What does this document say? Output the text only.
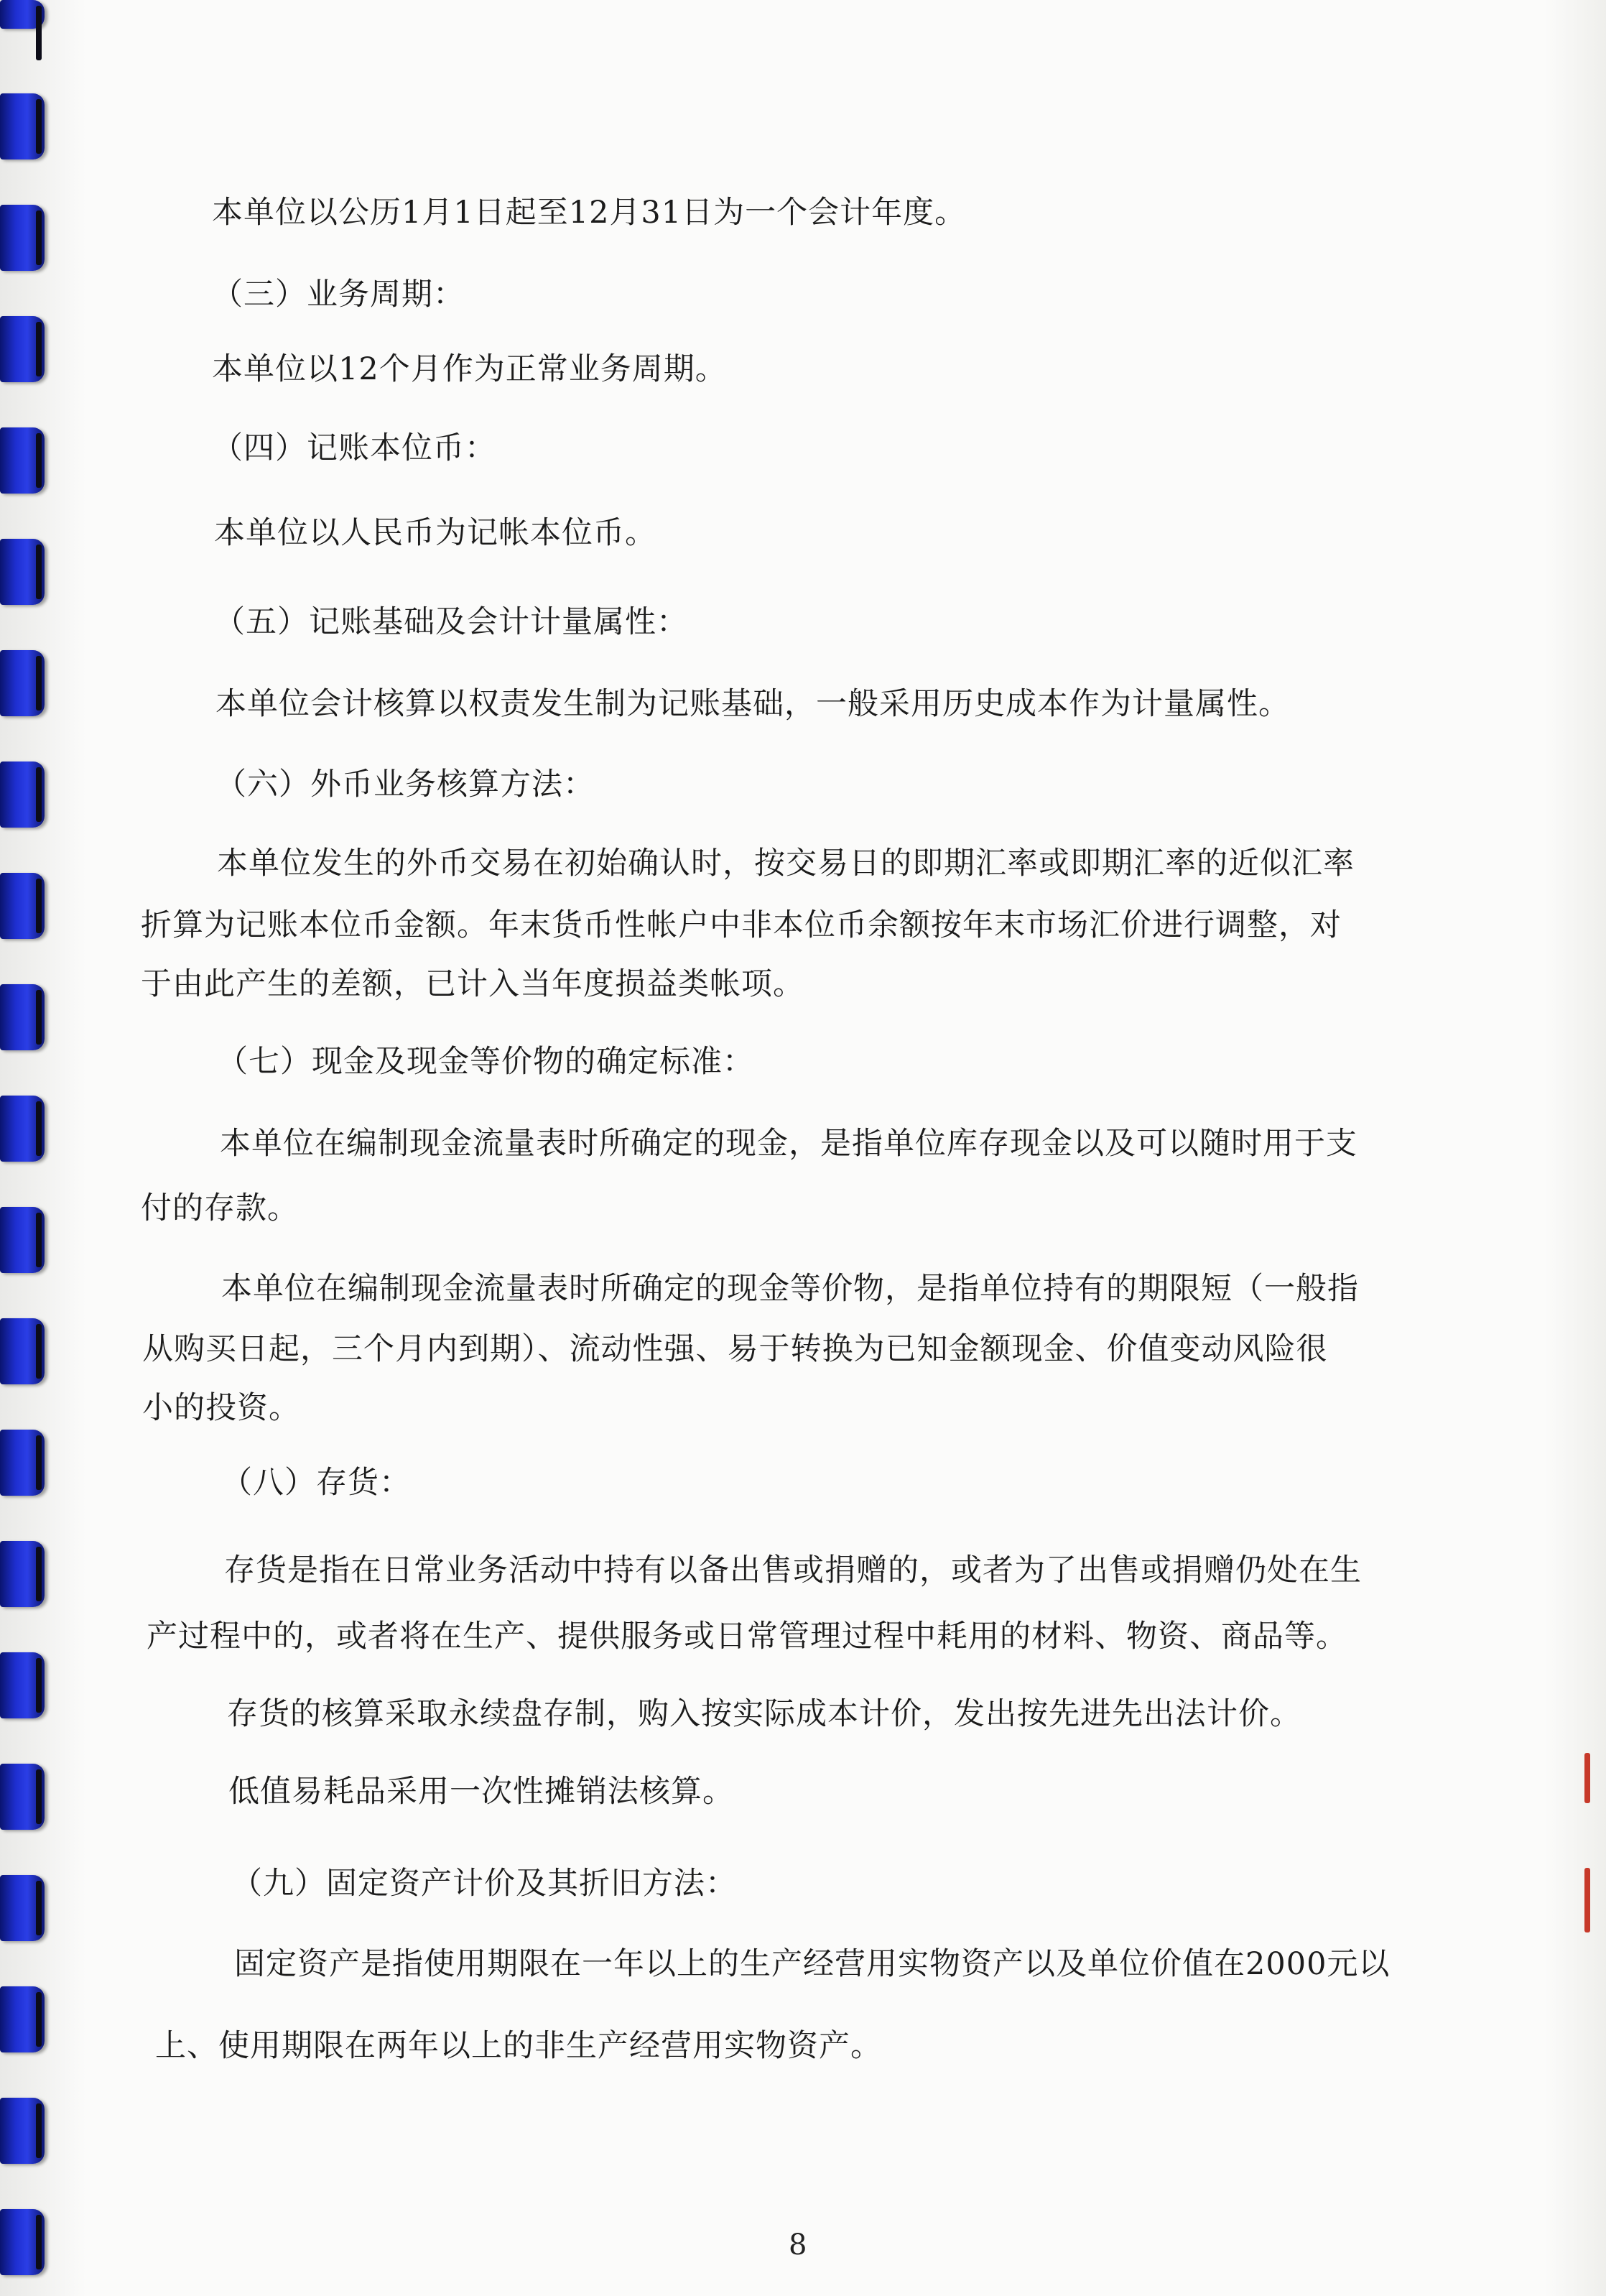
本单位以公历1月1日起至12月31日为一个会计年度。
（三）业务周期：
本单位以12个月作为正常业务周期。
（四）记账本位币：
本单位以人民币为记帐本位币。
（五）记账基础及会计计量属性：
本单位会计核算以权责发生制为记账基础，一般采用历史成本作为计量属性。
（六）外币业务核算方法：
本单位发生的外币交易在初始确认时，按交易日的即期汇率或即期汇率的近似汇率
折算为记账本位币金额。年末货币性帐户中非本位币余额按年末市场汇价进行调整，对
于由此产生的差额，已计入当年度损益类帐项。
（七）现金及现金等价物的确定标准：
本单位在编制现金流量表时所确定的现金，是指单位库存现金以及可以随时用于支
付的存款。
本单位在编制现金流量表时所确定的现金等价物，是指单位持有的期限短（一般指
从购买日起，三个月内到期）、流动性强、易于转换为已知金额现金、价值变动风险很
小的投资。
（八）存货：
存货是指在日常业务活动中持有以备出售或捐赠的，或者为了出售或捐赠仍处在生
产过程中的，或者将在生产、提供服务或日常管理过程中耗用的材料、物资、商品等。
存货的核算采取永续盘存制，购入按实际成本计价，发出按先进先出法计价。
低值易耗品采用一次性摊销法核算。
（九）固定资产计价及其折旧方法：
固定资产是指使用期限在一年以上的生产经营用实物资产以及单位价值在2000元以
上、使用期限在两年以上的非生产经营用实物资产。
8
